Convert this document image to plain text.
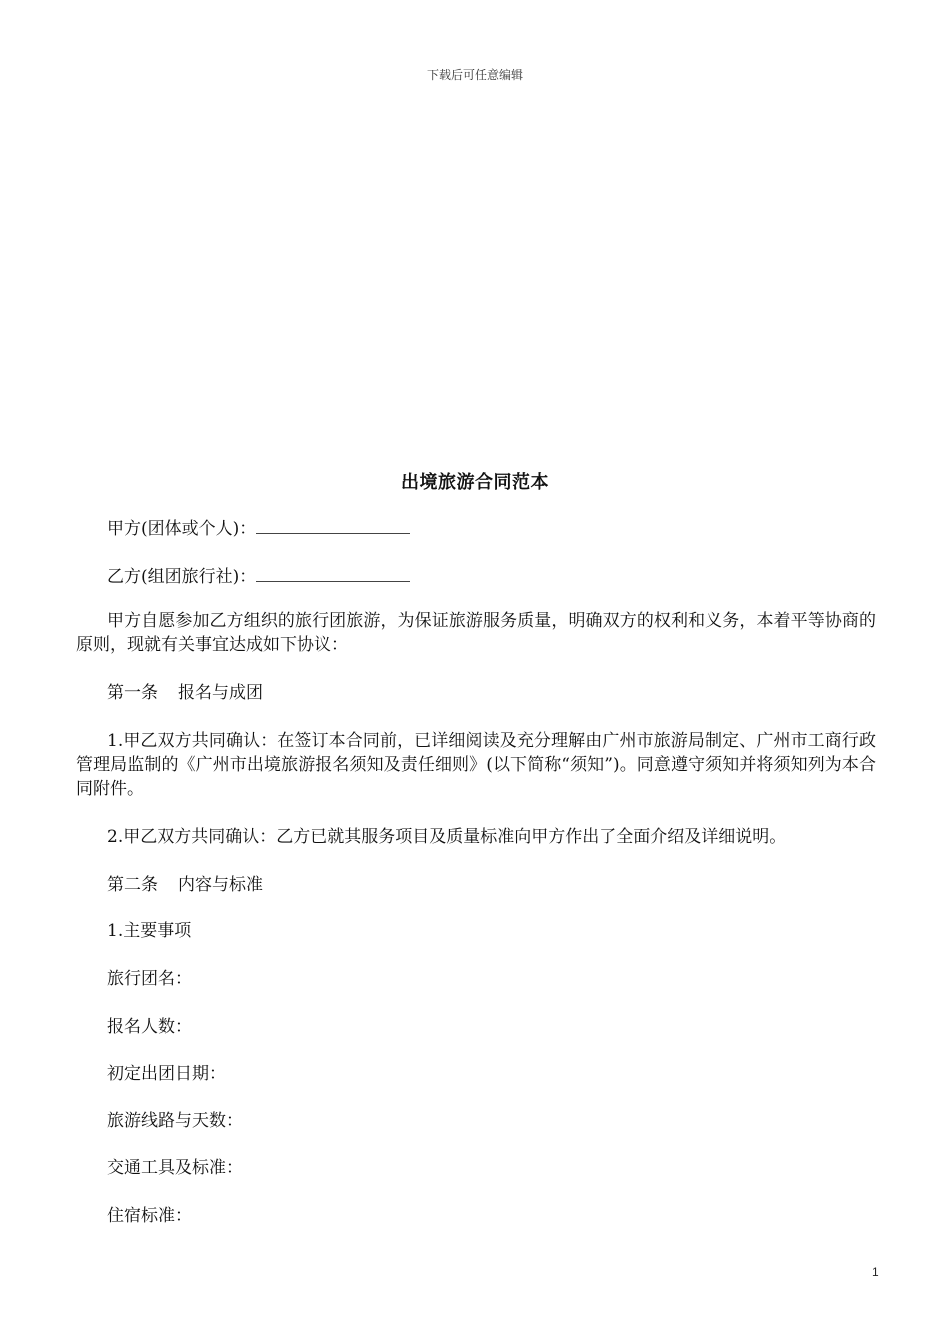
下载后可任意编辑
出境旅游合同范本
甲方(团体或个人)：
乙方(组团旅行社)：
甲方自愿参加乙方组织的旅行团旅游，为保证旅游服务质量，明确双方的权利和义务，本着平等协商的原则，现就有关事宜达成如下协议：
第一条 报名与成团
1.甲乙双方共同确认：在签订本合同前，已详细阅读及充分理解由广州市旅游局制定、广州市工商行政管理局监制的《广州市出境旅游报名须知及责任细则》(以下简称“须知”)。同意遵守须知并将须知列为本合同附件。
2.甲乙双方共同确认：乙方已就其服务项目及质量标准向甲方作出了全面介绍及详细说明。
第二条 内容与标准
1.主要事项
旅行团名：
报名人数：
初定出团日期：
旅游线路与天数：
交通工具及标准：
住宿标准：
1
